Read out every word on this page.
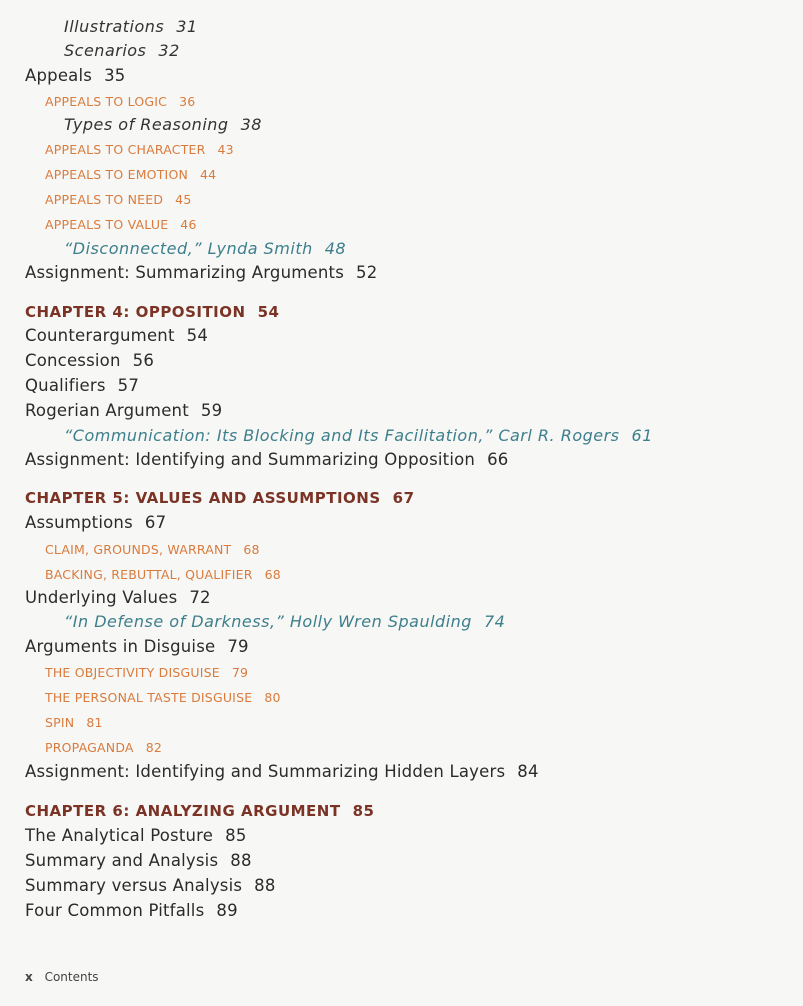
Illustrations 31
Scenarios 32
Appeals 35
APPEALS TO LOGIC 36
Types of Reasoning 38
APPEALS TO CHARACTER 43
APPEALS TO EMOTION 44
APPEALS TO NEED 45
APPEALS TO VALUE 46
“Disconnected,” Lynda Smith 48
Assignment: Summarizing Arguments 52
CHAPTER 4: OPPOSITION 54
Counterargument 54
Concession 56
Qualifiers 57
Rogerian Argument 59
“Communication: Its Blocking and Its Facilitation,” Carl R. Rogers 61
Assignment: Identifying and Summarizing Opposition 66
CHAPTER 5: VALUES AND ASSUMPTIONS 67
Assumptions 67
CLAIM, GROUNDS, WARRANT 68
BACKING, REBUTTAL, QUALIFIER 68
Underlying Values 72
“In Defense of Darkness,” Holly Wren Spaulding 74
Arguments in Disguise 79
THE OBJECTIVITY DISGUISE 79
THE PERSONAL TASTE DISGUISE 80
SPIN 81
PROPAGANDA 82
Assignment: Identifying and Summarizing Hidden Layers 84
CHAPTER 6: ANALYZING ARGUMENT 85
The Analytical Posture 85
Summary and Analysis 88
Summary versus Analysis 88
Four Common Pitfalls 89
x Contents
